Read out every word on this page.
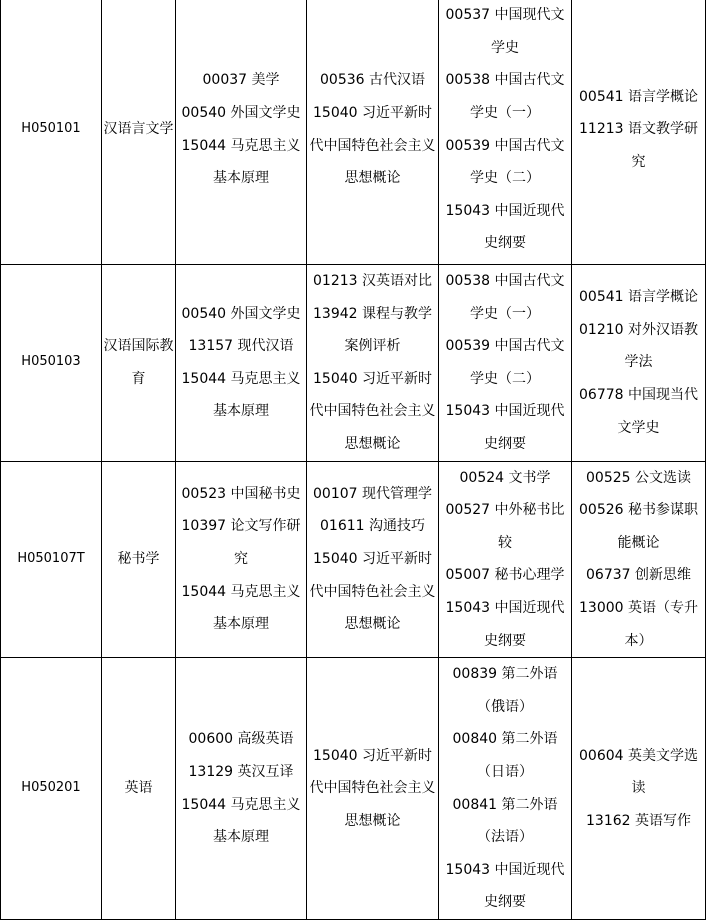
H050101	汉语言文学	00037 美学
00540 外国文学史
15044 马克思主义基本原理	00536 古代汉语
15040 习近平新时代中国特色社会主义思想概论	00537 中国现代文学史
00538 中国古代文学史（一）
00539 中国古代文学史（二）
15043 中国近现代史纲要	00541 语言学概论
11213 语文教学研究

H050103	汉语国际教育	00540 外国文学史
13157 现代汉语
15044 马克思主义基本原理	01213 汉英语对比
13942 课程与教学案例评析
15040 习近平新时代中国特色社会主义思想概论	00538 中国古代文学史（一）
00539 中国古代文学史（二）
15043 中国近现代史纲要	00541 语言学概论
01210 对外汉语教学法
06778 中国现当代文学史

H050107T	秘书学	00523 中国秘书史
10397 论文写作研究
15044 马克思主义基本原理	00107 现代管理学
01611 沟通技巧
15040 习近平新时代中国特色社会主义思想概论	00524 文书学
00527 中外秘书比较
05007 秘书心理学
15043 中国近现代史纲要	00525 公文选读
00526 秘书参谋职能概论
06737 创新思维
13000 英语（专升本）

H050201	英语	00600 高级英语
13129 英汉互译
15044 马克思主义基本原理	15040 习近平新时代中国特色社会主义思想概论	00839 第二外语（俄语）
00840 第二外语（日语）
00841 第二外语（法语）
15043 中国近现代史纲要	00604 英美文学选读
13162 英语写作
